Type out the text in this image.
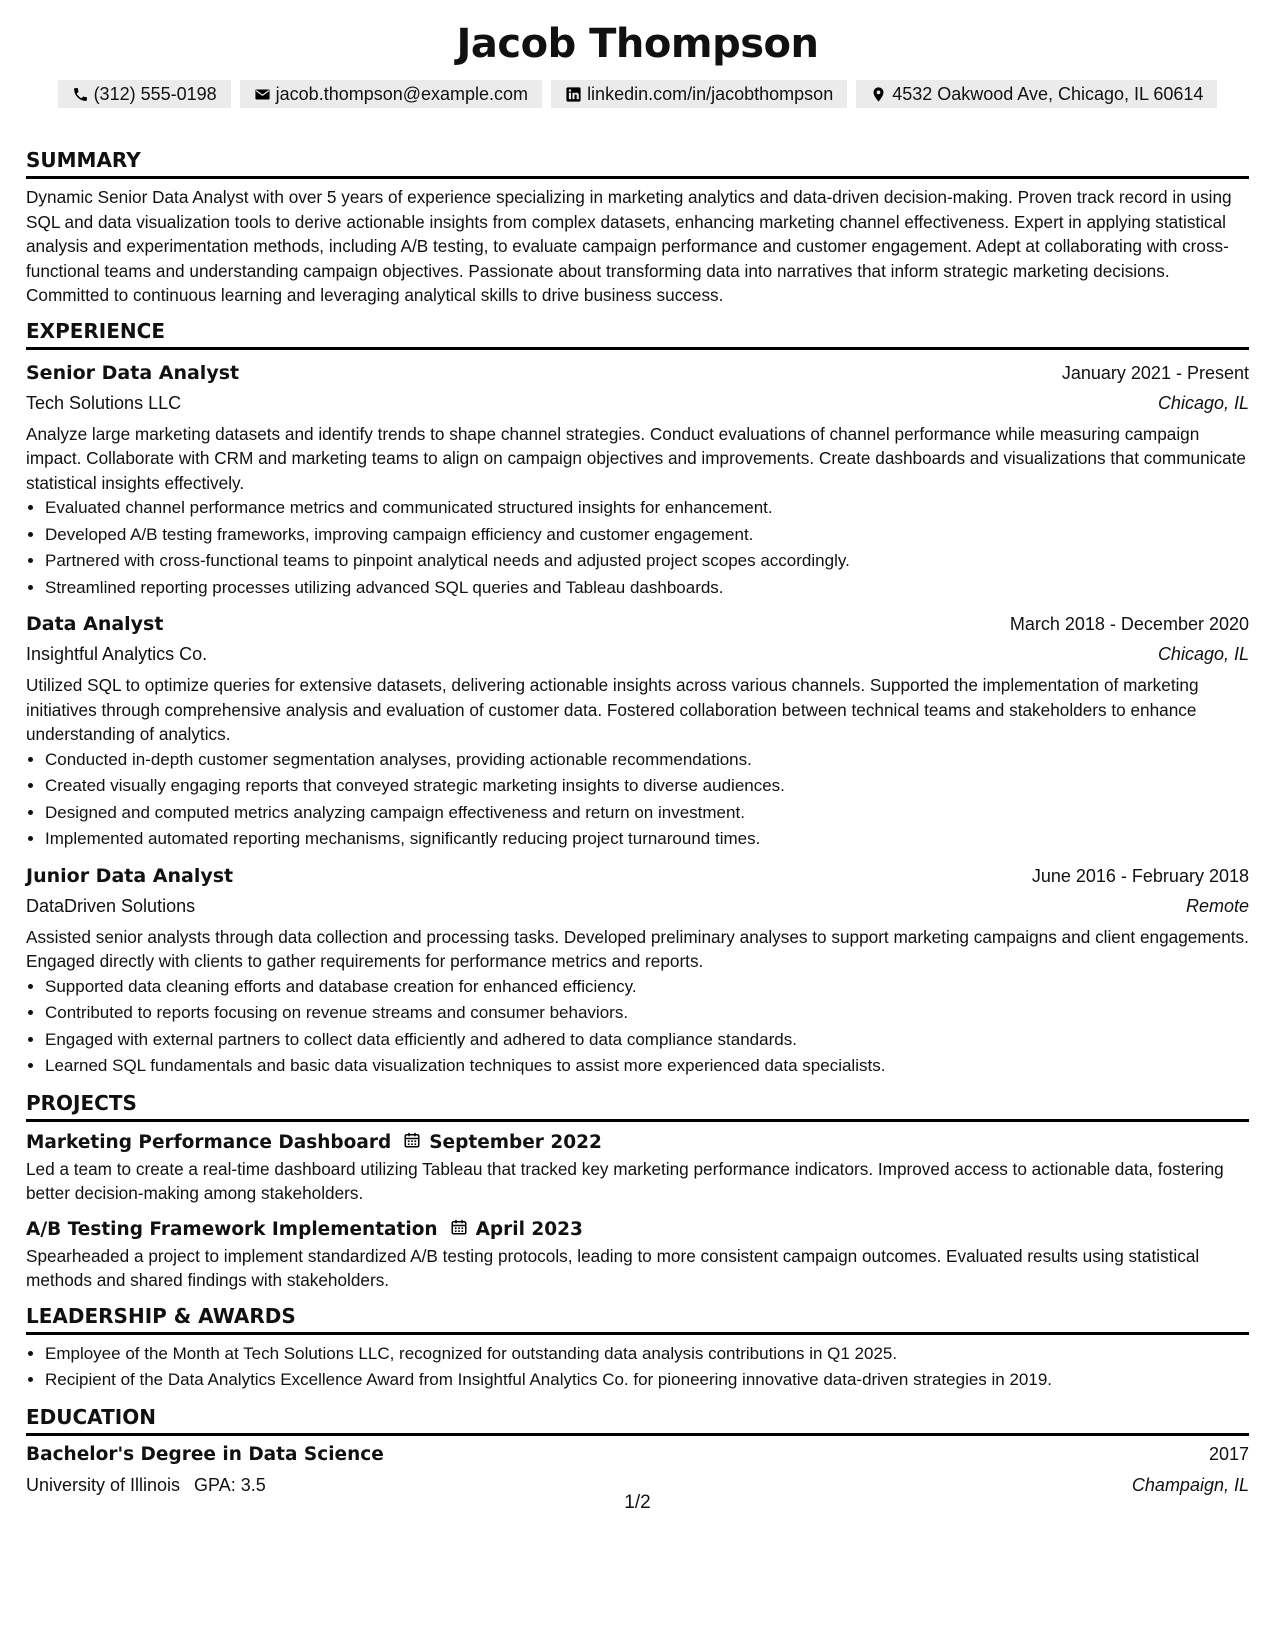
Jacob Thompson
(312) 555-0198	jacob.thompson@example.com	linkedin.com/in/jacobthompson	4532 Oakwood Ave, Chicago, IL 60614
SUMMARY

Dynamic Senior Data Analyst with over 5 years of experience specializing in marketing analytics and data-driven decision-making. Proven track record in using SQL and data visualization tools to derive actionable insights from complex datasets, enhancing marketing channel effectiveness. Expert in applying statistical analysis and experimentation methods, including A/B testing, to evaluate campaign performance and customer engagement. Adept at collaborating with cross-functional teams and understanding campaign objectives. Passionate about transforming data into narratives that inform strategic marketing decisions. Committed to continuous learning and leveraging analytical skills to drive business success.

EXPERIENCE
Senior Data Analyst	January 2021 - Present
Tech Solutions LLC	Chicago, IL

Analyze large marketing datasets and identify trends to shape channel strategies. Conduct evaluations of channel performance while measuring campaign impact. Collaborate with CRM and marketing teams to align on campaign objectives and improvements. Create dashboards and visualizations that communicate statistical insights effectively.

• Evaluated channel performance metrics and communicated structured insights for enhancement.
• Developed A/B testing frameworks, improving campaign efficiency and customer engagement.
• Partnered with cross-functional teams to pinpoint analytical needs and adjusted project scopes accordingly.
• Streamlined reporting processes utilizing advanced SQL queries and Tableau dashboards.
Data Analyst	March 2018 - December 2020
Insightful Analytics Co.	Chicago, IL

Utilized SQL to optimize queries for extensive datasets, delivering actionable insights across various channels. Supported the implementation of marketing initiatives through comprehensive analysis and evaluation of customer data. Fostered collaboration between technical teams and stakeholders to enhance understanding of analytics.

• Conducted in-depth customer segmentation analyses, providing actionable recommendations.
• Created visually engaging reports that conveyed strategic marketing insights to diverse audiences.
• Designed and computed metrics analyzing campaign effectiveness and return on investment.
• Implemented automated reporting mechanisms, significantly reducing project turnaround times.
Junior Data Analyst	June 2016 - February 2018
DataDriven Solutions	Remote

Assisted senior analysts through data collection and processing tasks. Developed preliminary analyses to support marketing campaigns and client engagements. Engaged directly with clients to gather requirements for performance metrics and reports.

• Supported data cleaning efforts and database creation for enhanced efficiency.
• Contributed to reports focusing on revenue streams and consumer behaviors.
• Engaged with external partners to collect data efficiently and adhered to data compliance standards.
• Learned SQL fundamentals and basic data visualization techniques to assist more experienced data specialists.
PROJECTS
Marketing Performance Dashboard September 2022

Led a team to create a real-time dashboard utilizing Tableau that tracked key marketing performance indicators. Improved access to actionable data, fostering better decision-making among stakeholders.

A/B Testing Framework Implementation April 2023

Spearheaded a project to implement standardized A/B testing protocols, leading to more consistent campaign outcomes. Evaluated results using statistical methods and shared findings with stakeholders.

LEADERSHIP & AWARDS
• Employee of the Month at Tech Solutions LLC, recognized for outstanding data analysis contributions in Q1 2025.
• Recipient of the Data Analytics Excellence Award from Insightful Analytics Co. for pioneering innovative data-driven strategies in 2019.
EDUCATION
Bachelor's Degree in Data Science	2017
University of Illinois GPA: 3.5	Champaign, IL
1/2
